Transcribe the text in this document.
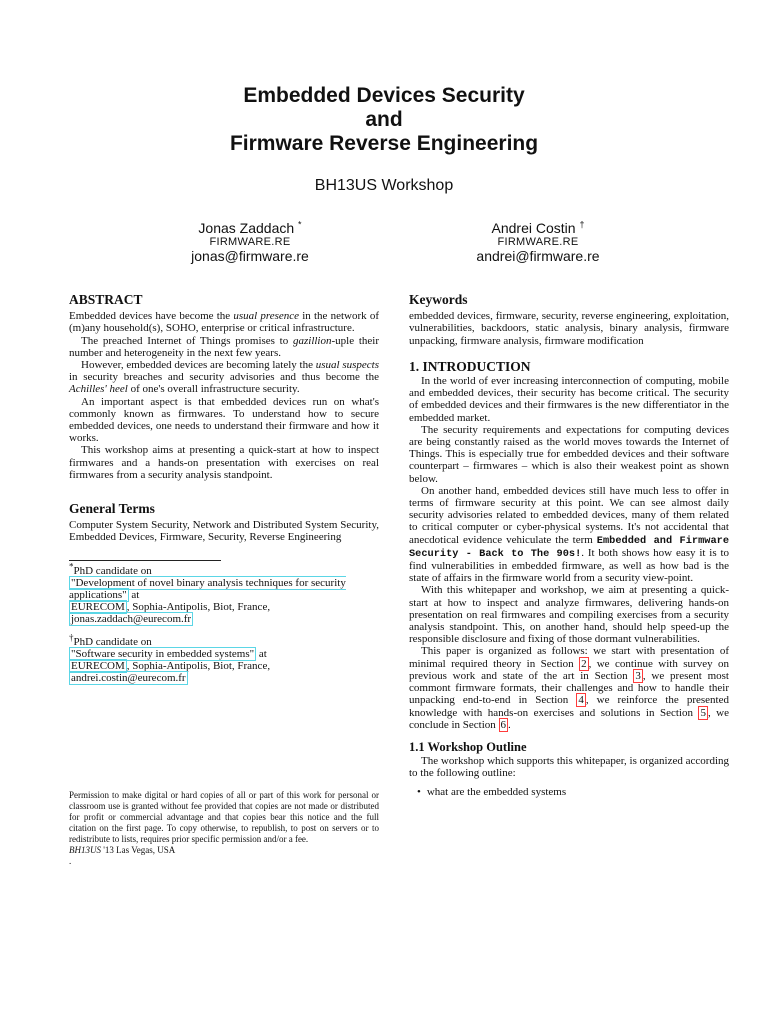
Embedded Devices Security
and
Firmware Reverse Engineering
BH13US Workshop
Jonas Zaddach *
FIRMWARE.RE
jonas@firmware.re
Andrei Costin †
FIRMWARE.RE
andrei@firmware.re
ABSTRACT

Embedded devices have become the usual presence in the network of (m)any household(s), SOHO, enterprise or critical infrastructure.

The preached Internet of Things promises to gazillion-uple their number and heterogeneity in the next few years.

However, embedded devices are becoming lately the usual suspects in security breaches and security advisories and thus become the Achilles' heel of one's overall infrastructure security.

An important aspect is that embedded devices run on what's commonly known as firmwares. To understand how to secure embedded devices, one needs to understand their firmware and how it works.

This workshop aims at presenting a quick-start at how to inspect firmwares and a hands-on presentation with exercises on real firmwares from a security analysis standpoint.

General Terms

Computer System Security, Network and Distributed System Security, Embedded Devices, Firmware, Security, Reverse Engineering

*PhD candidate on
"Development of novel binary analysis techniques for security applications" at
EURECOM , Sophia-Antipolis, Biot, France,
jonas.zaddach@eurecom.fr
†PhD candidate on
"Software security in embedded systems" at
EURECOM , Sophia-Antipolis, Biot, France,
andrei.costin@eurecom.fr
Permission to make digital or hard copies of all or part of this work for personal or classroom use is granted without fee provided that copies are not made or distributed for profit or commercial advantage and that copies bear this notice and the full citation on the first page. To copy otherwise, to republish, to post on servers or to redistribute to lists, requires prior specific permission and/or a fee.
BH13US '13 Las Vegas, USA
.
Keywords

embedded devices, firmware, security, reverse engineering, exploitation, vulnerabilities, backdoors, static analysis, binary analysis, firmware unpacking, firmware analysis, firmware modification

1. INTRODUCTION

In the world of ever increasing interconnection of computing, mobile and embedded devices, their security has become critical. The security of embedded devices and their firmwares is the new differentiator in the embedded market.

The security requirements and expectations for computing devices are being constantly raised as the world moves towards the Internet of Things. This is especially true for embedded devices and their software counterpart – firmwares – which is also their weakest point as shown below.

On another hand, embedded devices still have much less to offer in terms of firmware security at this point. We can see almost daily security advisories related to embedded devices, many of them related to critical computer or cyber-physical systems. It's not accidental that anecdotical evidence vehiculate the term Embedded and Firmware Security - Back to The 90s!. It both shows how easy it is to find vulnerabilities in embedded firmware, as well as how bad is the state of affairs in the firmware world from a security view-point.

With this whitepaper and workshop, we aim at presenting a quick-start at how to inspect and analyze firmwares, delivering hands-on presentation on real firmwares and compiling exercises from a security analysis standpoint. This, on another hand, should help speed-up the responsible disclosure and fixing of those dormant vulnerabilities.

This paper is organized as follows: we start with presentation of minimal required theory in Section 2 , we continue with survey on previous work and state of the art in Section 3 , we present most commont firmware formats, their challenges and how to handle their unpacking end-to-end in Section 4 , we reinforce the presented knowledge with hands-on exercises and solutions in Section 5 , we conclude in Section 6 .

1.1 Workshop Outline

The workshop which supports this whitepaper, is organized according to the following outline:

• what are the embedded systems
